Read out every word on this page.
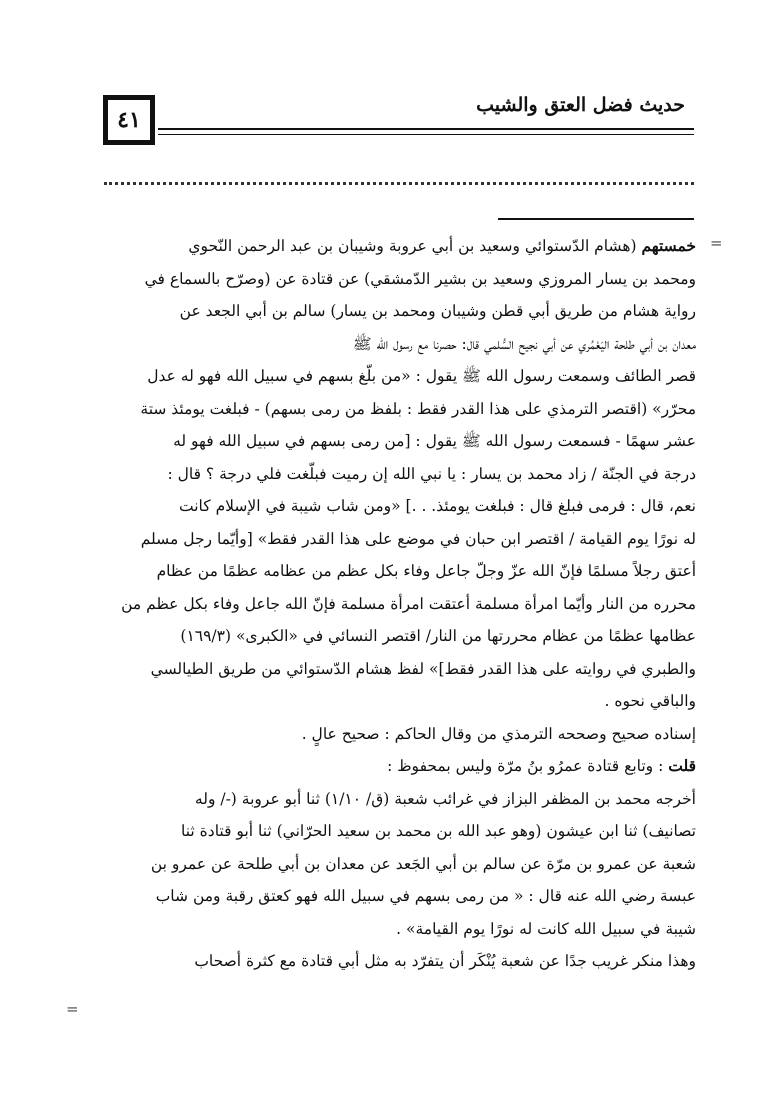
حديث فضل العتق والشيب
٤١
=
=
خمستهم (هشام الدّستوائي وسعيد بن أبي عروبة وشيبان بن عبد الرحمن النّحوي
ومحمد بن يسار المروزي وسعيد بن بشير الدّمشقي) عن قتادة عن (وصرّح بالسماع في
رواية هشام من طريق أبي قطن وشيبان ومحمد بن يسار) سالم بن أبي الجعد عن
معدان بن أبي طلحة اليَعْمُري عن أبي نجيح السُّلمي قال: حصرنا مع رسول الله ﷺ
قصر الطائف وسمعت رسول الله ﷺ يقول : «من بلّغ بسهم في سبيل الله فهو له عدل
محرّر» (اقتصر الترمذي على هذا القدر فقط : بلفظ من رمى بسهم) - فبلغت يومئذ ستة
عشر سهمًا - فسمعت رسول الله ﷺ يقول : [من رمى بسهم في سبيل الله فهو له
درجة في الجنّة / زاد محمد بن يسار : يا نبي الله إن رميت فبلّغت فلي درجة ؟ قال :
نعم، قال : فرمى فبلغ قال : فبلغت يومئذ. . .] «ومن شاب شيبة في الإسلام كانت
له نورًا يوم القيامة / اقتصر ابن حبان في موضع على هذا القدر فقط» [وأيّما رجل مسلم
أعتق رجلاً مسلمًا فإنّ الله عزّ وجلّ جاعل وفاء بكل عظم من عظامه عظمًا من عظام
محرره من النار وأيّما امرأة مسلمة أعتقت امرأة مسلمة فإنّ الله جاعل وفاء بكل عظم من
عظامها عظمًا من عظام محررتها من النار/ اقتصر النسائي في «الكبرى» (١٦٩/٣)
والطبري في روايته على هذا القدر فقط]» لفظ هشام الدّستوائي من طريق الطيالسي
والباقي نحوه .
إسناده صحيح وصححه الترمذي من وقال الحاكم : صحيح عالٍ .
قلت : وتابع قتادة عمرُو بنُ مرّة وليس بمحفوظ :
أخرجه محمد بن المظفر البزاز في غرائب شعبة (ق/ ١/١٠) ثنا أبو عروبة (-/ وله
تصانيف) ثنا ابن عيشون (وهو عبد الله بن محمد بن سعيد الحرّاني) ثنا أبو قتادة ثنا
شعبة عن عمرو بن مرّة عن سالم بن أبي الجَعد عن معدان بن أبي طلحة عن عمرو بن
عبسة رضي الله عنه قال : « من رمى بسهم في سبيل الله فهو كعتق رقبة ومن شاب
شيبة في سبيل الله كانت له نورًا يوم القيامة» .
وهذا منكر غريب جدًا عن شعبة يُنْكَر أن يتفرّد به مثل أبي قتادة مع كثرة أصحاب
